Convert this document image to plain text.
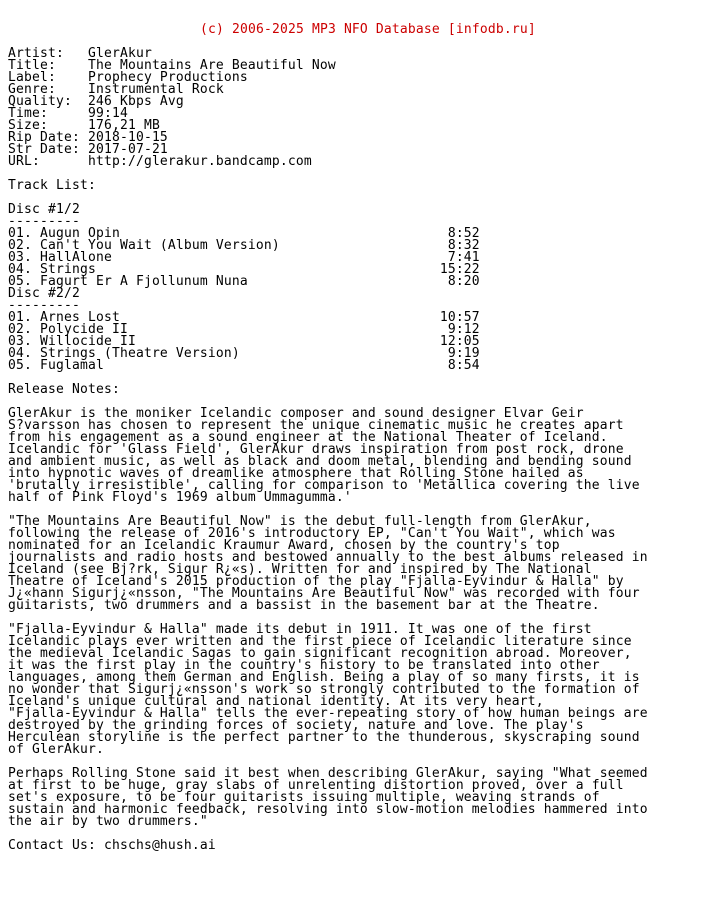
(c) 2006-2025 MP3 NFO Database [infodb.ru]

Artist:   GlerAkur
Title:    The Mountains Are Beautiful Now
Label:    Prophecy Productions
Genre:    Instrumental Rock
Quality:  246 Kbps Avg
Time:     99:14
Size:     176,21 MB
Rip Date: 2018-10-15
Str Date: 2017-07-21
URL:      http://glerakur.bandcamp.com
Track List:
Disc #1/2
---------
01. Augun Opin                                         8:52
02. Can't You Wait (Album Version)                     8:32
03. HallAlone                                          7:41
04. Strings                                           15:22
05. Fagurt Er A Fjollunum Nuna                         8:20
Disc #2/2
---------
01. Arnes Lost                                        10:57
02. Polycide II                                        9:12
03. Willocide II                                      12:05
04. Strings (Theatre Version)                          9:19
05. Fuglamal                                           8:54
Release Notes:
GlerAkur is the moniker Icelandic composer and sound designer Elvar Geir
S?varsson has chosen to represent the unique cinematic music he creates apart
from his engagement as a sound engineer at the National Theater of Iceland.
Icelandic for 'Glass Field', GlerAkur draws inspiration from post rock, drone
and ambient music, as well as black and doom metal, blending and bending sound
into hypnotic waves of dreamlike atmosphere that Rolling Stone hailed as
'brutally irresistible', calling for comparison to 'Metallica covering the live
half of Pink Floyd's 1969 album Ummagumma.'
"The Mountains Are Beautiful Now" is the debut full-length from GlerAkur,
following the release of 2016's introductory EP, "Can't You Wait", which was
nominated for an Icelandic Kraumur Award, chosen by the country's top
journalists and radio hosts and bestowed annually to the best albums released in
Iceland (see Bj?rk, Sigur R¿«s). Written for and inspired by The National
Theatre of Iceland's 2015 production of the play "Fjalla-Eyvindur & Halla" by
J¿«hann Sigurj¿«nsson, "The Mountains Are Beautiful Now" was recorded with four
guitarists, two drummers and a bassist in the basement bar at the Theatre.
"Fjalla-Eyvindur & Halla" made its debut in 1911. It was one of the first
Icelandic plays ever written and the first piece of Icelandic literature since
the medieval Icelandic Sagas to gain significant recognition abroad. Moreover,
it was the first play in the country's history to be translated into other
languages, among them German and English. Being a play of so many firsts, it is
no wonder that Sigurj¿«nsson's work so strongly contributed to the formation of
Iceland's unique cultural and national identity. At its very heart,
"Fjalla-Eyvindur & Halla" tells the ever-repeating story of how human beings are
destroyed by the grinding forces of society, nature and love. The play's
Herculean storyline is the perfect partner to the thunderous, skyscraping sound
of GlerAkur.
Perhaps Rolling Stone said it best when describing GlerAkur, saying "What seemed
at first to be huge, gray slabs of unrelenting distortion proved, over a full
set's exposure, to be four guitarists issuing multiple, weaving strands of
sustain and harmonic feedback, resolving into slow-motion melodies hammered into
the air by two drummers."
Contact Us: chschs@hush.ai
